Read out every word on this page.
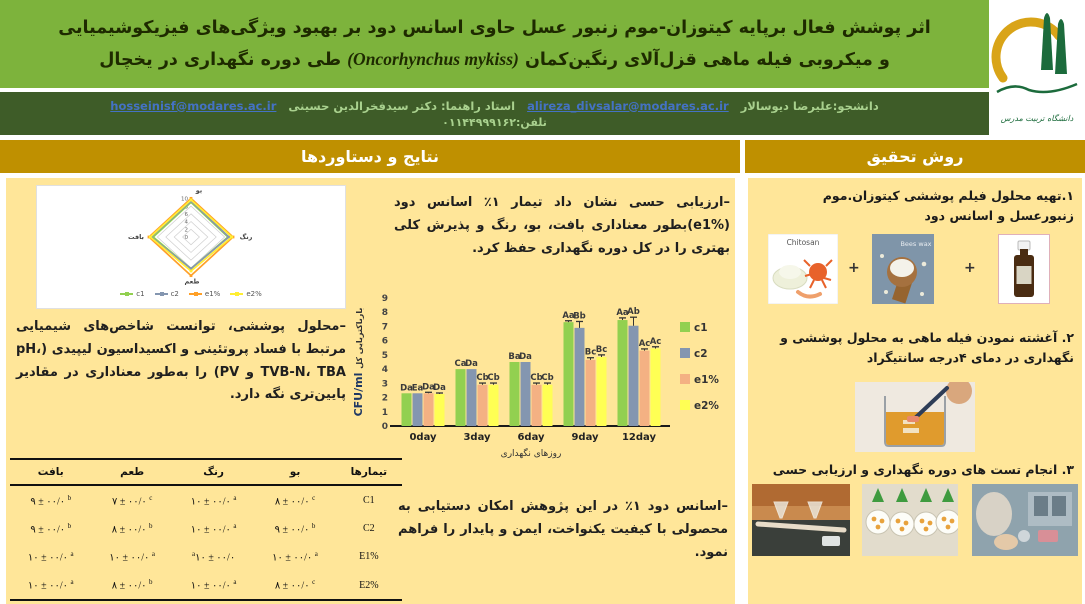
اثر پوشش فعال برپایه کیتوزان-موم زنبور عسل حاوی اسانس دود بر بهبود ویژگی‌های فیزیکوشیمیایی
و میکروبی فیله ماهی قزل‌آلای رنگین‌کمان (Oncorhynchus mykiss) طی دوره نگهداری در یخچال
دانشگاه تربیت مدرس
دانشجو:علیرضا دیوسالار
alireza_divsalar@modares.ac.ir
استاد راهنما: دکتر سیدفخرالدین حسینی
hosseinisf@modares.ac.ir
تلفن:۰۱۱۴۴۹۹۹۱۶۲
نتایج و دستاوردها	روش تحقیق
0
2
4
6
8
10
بو
رنگ
طعم
بافت
c1	c2	e1%	e2%
–ارزیابی حسی نشان داد تیمار ۱٪ اسانس دود (e1%)بطور معناداری بافت، بو، رنگ و پذیرش کلی بهتری را در کل دوره نگهداری حفظ کرد.
–محلول پوششی، توانست شاخص‌های شیمیایی مرتبط با فساد پروتئینی و اکسیداسیون لیپیدی (pH، TVB-N، TBA و PV) را به‌طور معناداری در مقادیر پایین‌تری نگه دارد.
0
1
2
3
4
5
6
7
8
9
0day
Da
Ea
Da
Da
3day
Ca
Da
Cb
Cb
6day
Ba
Da
Cb
Cb
9day
Aa
Bb
Bc Bc
12day
Aa
Ab
Ac Ac
CFU/ml بارباکتریایی کل
روزهای نگهداری
c1
c2
e1%
e2%
تیمارها	بو	رنگ	طعم	بافت
C1	۸ ± ۰۰/۰ $^c$	۱۰ ± ۰۰/۰ $^a$	۷ ± ۰۰/۰ $^c$	۹ ± ۰۰/۰ $^b$
C2	۹ ± ۰۰/۰ $^b$	۱۰ ± ۰۰/۰ $^a$	۸ ± ۰۰/۰ $^b$	۹ ± ۰۰/۰ $^b$
E1%	۱۰ ± ۰۰/۰ $^a$	$^a$۱۰ ± ۰۰/۰	۱۰ ± ۰۰/۰ $^a$	۱۰ ± ۰۰/۰ $^a$
E2%	۸ ± ۰۰/۰ $^c$	۱۰ ± ۰۰/۰ $^a$	۸ ± ۰۰/۰ $^b$	۱۰ ± ۰۰/۰ $^a$
–اسانس دود ۱٪ در این پژوهش امکان دستیابی به محصولی با کیفیت یکنواخت، ایمن و پایدار را فراهم نمود.
۱.تهیه محلول فیلم پوششی کیتوزان.موم زنبورعسل و اسانس دود
Chitosan
+
Bees wax
+
۲. آغشته نمودن فیله ماهی به محلول پوششی و نگهداری در دمای ۴درجه سانتیگراد
۳. انجام تست های دوره نگهداری و ارزیابی حسی
